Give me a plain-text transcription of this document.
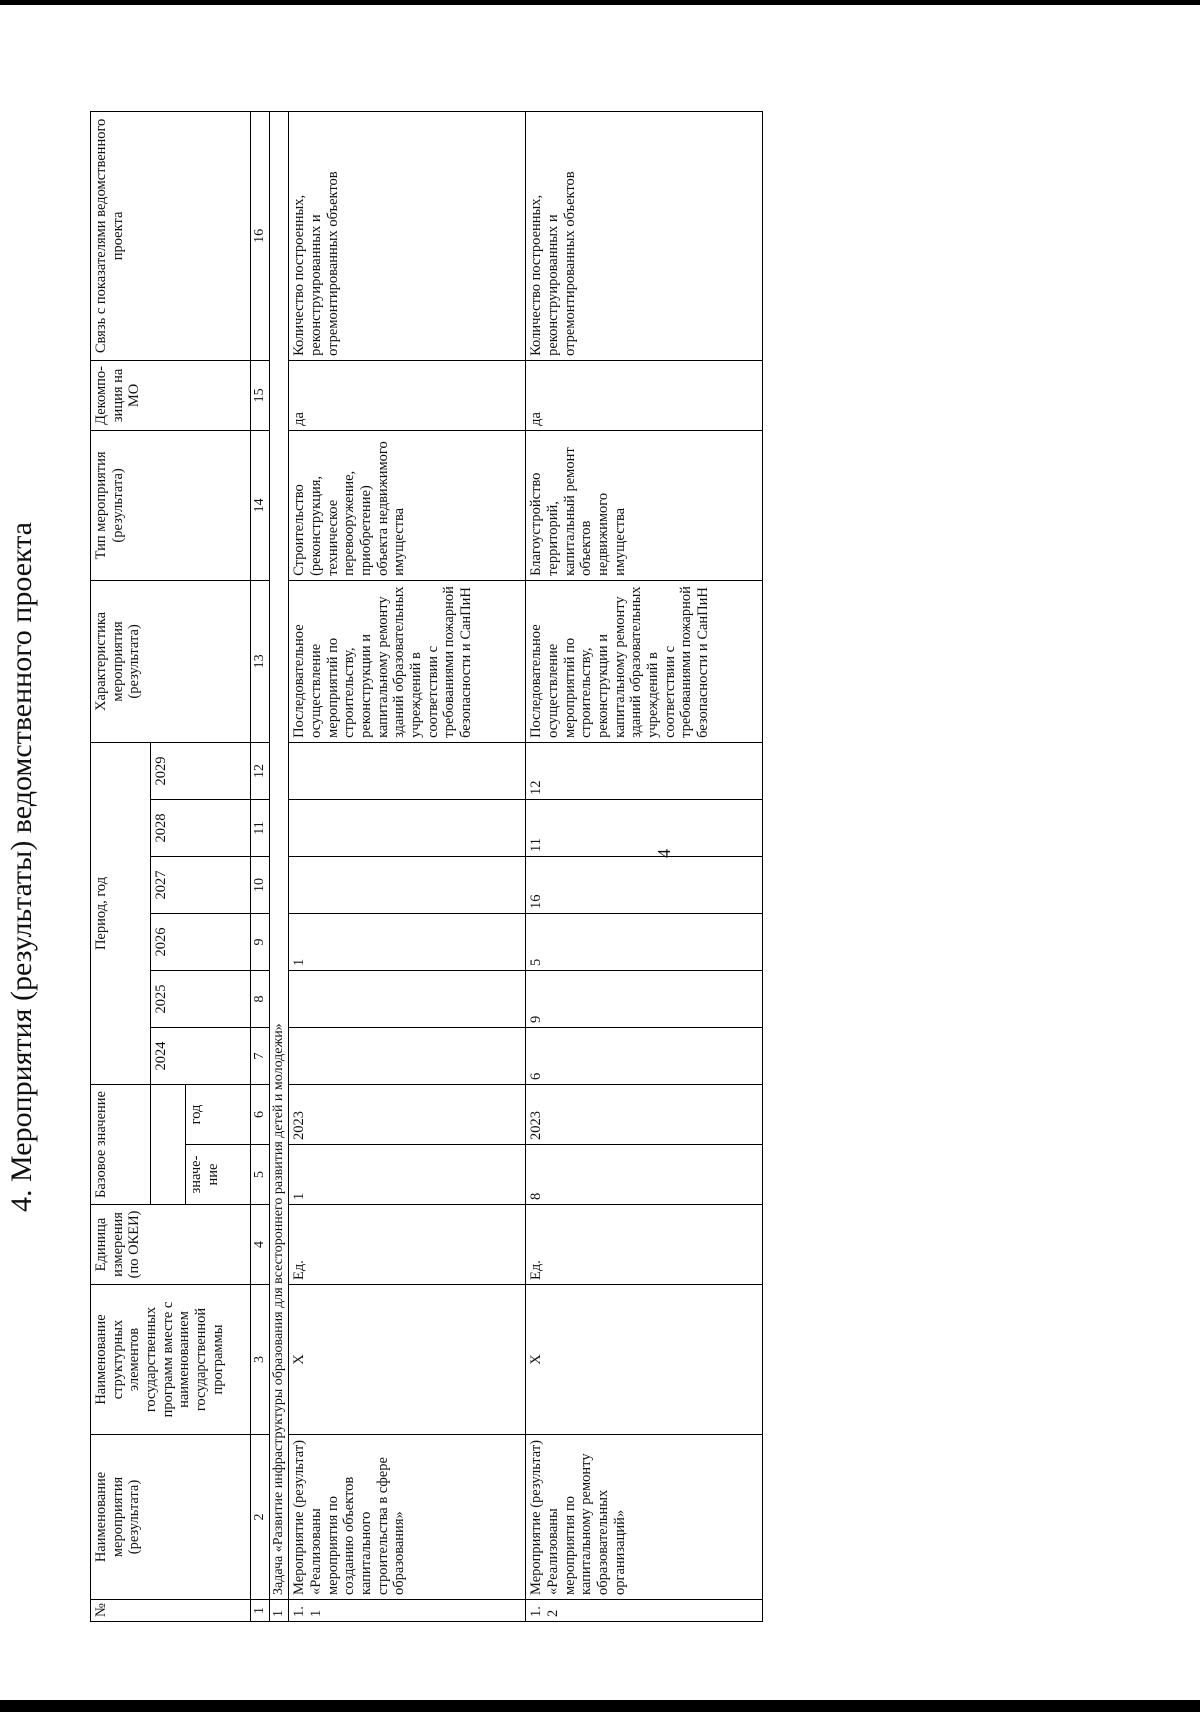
4
4. Мероприятия (результаты) ведомственного проекта
№	Наименование мероприятия (результата)	Наименование структурных элементов государственных программ вместе с наименованием государственной программы	Единица измерения (по ОКЕИ)	Базовое значение		Период, год						Характеристика мероприятия (результата)	Тип мероприятия (результата)	Декомпо-зиция на МО	Связь с показателями ведомственного проекта
						2024	2025	2026	2027	2028	2029				
				значе-ние	год										
1	2	3	4	5	6	7	8	9	10	11	12	13	14	15	16
1	Задача «Развитие инфраструктуры образования для всестороннего развития детей и молодежи»														
1.1	Мероприятие (результат) «Реализованы мероприятия по созданию объектов капитального строительства в сфере образования»	X	Ед.	1	2023			1				Последовательное осуществление мероприятий по строительству, реконструкции и капитальному ремонту зданий образовательных учреждений в соответствии с требованиями пожарной безопасности и СанПиН	Строительство (реконструкция, техническое перевооружение, приобретение) объекта недвижимого имущества	да	Количество построенных, реконструированных и отремонтированных объектов
1.2	Мероприятие (результат) «Реализованы мероприятия по капитальному ремонту образовательных организаций»	X	Ед.	8	2023	6	9	5	16	11	12	Последовательное осуществление мероприятий по строительству, реконструкции и капитальному ремонту зданий образовательных учреждений в соответствии с требованиями пожарной безопасности и СанПиН	Благоустройство территорий, капитальный ремонт объектов недвижимого имущества	да	Количество построенных, реконструированных и отремонтированных объектов
